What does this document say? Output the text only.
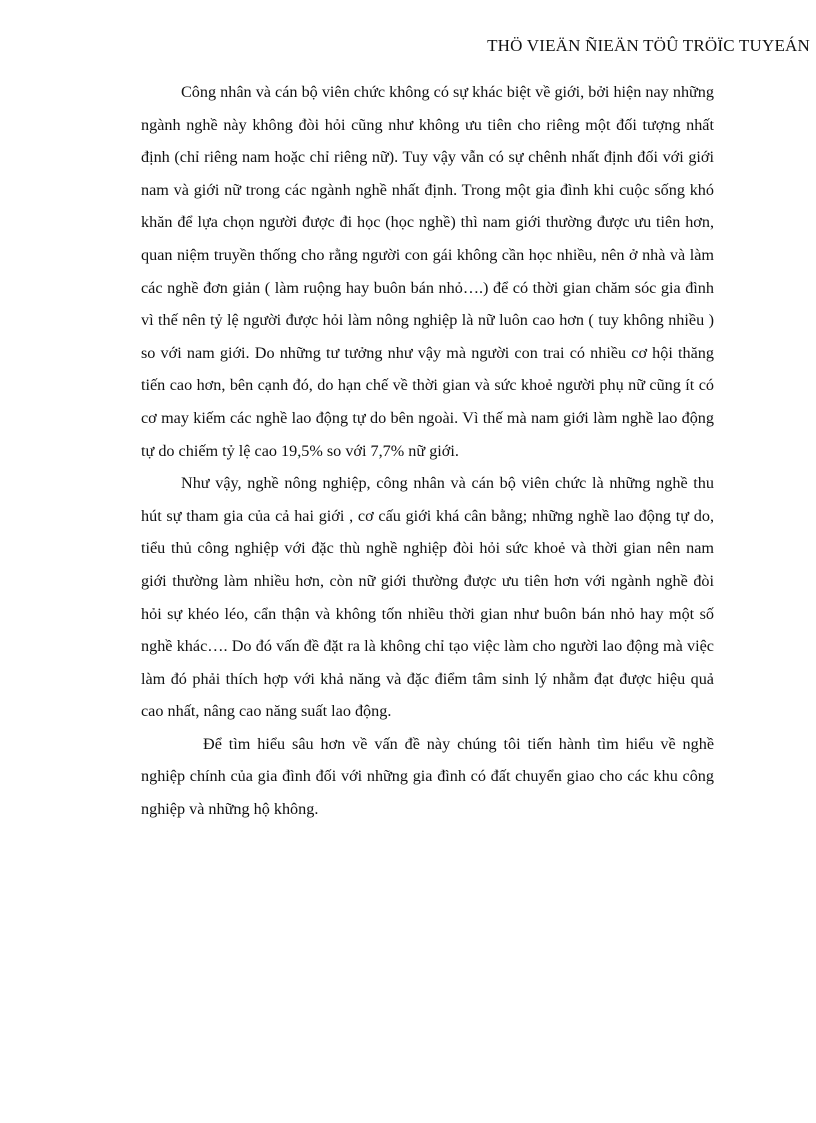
THÖ VIEÄN ÑIEÄN TÖÛ TRÖÏC TUYEÁN

Công nhân và cán bộ viên chức không có sự khác biệt về giới, bởi hiện nay những ngành nghề này không đòi hỏi cũng như không ưu tiên cho riêng một đối tượng nhất định (chỉ riêng nam hoặc chỉ riêng nữ). Tuy vậy vẫn có sự chênh nhất định đối với giới nam và giới nữ trong các ngành nghề nhất định. Trong một gia đình khi cuộc sống khó khăn để lựa chọn người được đi học (học nghề) thì nam giới thường được ưu tiên hơn, quan niệm truyền thống cho rằng người con gái không cần học nhiều, nên ở nhà và làm các nghề đơn giản ( làm ruộng hay buôn bán nhỏ….) để có thời gian chăm sóc gia đình vì thế nên tỷ lệ người được hỏi làm nông nghiệp là nữ luôn cao hơn ( tuy không nhiều ) so với nam giới. Do những tư tưởng như vậy mà người con trai có nhiều cơ hội thăng tiến cao hơn, bên cạnh đó, do hạn chế về thời gian và sức khoẻ người phụ nữ cũng ít có cơ may kiếm các nghề lao động tự do bên ngoài. Vì thế mà nam giới làm nghề lao động tự do chiếm tỷ lệ cao 19,5% so với 7,7% nữ giới.

Như vậy, nghề nông nghiệp, công nhân và cán bộ viên chức là những nghề thu hút sự tham gia của cả hai giới , cơ cấu giới khá cân bằng; những nghề lao động tự do, tiểu thủ công nghiệp với đặc thù nghề nghiệp đòi hỏi sức khoẻ và thời gian nên nam giới thường làm nhiều hơn, còn nữ giới thường được ưu tiên hơn với ngành nghề đòi hỏi sự khéo léo, cẩn thận và không tốn nhiều thời gian như buôn bán nhỏ hay một số nghề khác…. Do đó vấn đề đặt ra là không chỉ tạo việc làm cho người lao động mà việc làm đó phải thích hợp với khả năng và đặc điểm tâm sinh lý nhằm đạt được hiệu quả cao nhất, nâng cao năng suất lao động.

Để tìm hiểu sâu hơn về vấn đề này chúng tôi tiến hành tìm hiểu về nghề nghiệp chính của gia đình đối với những gia đình có đất chuyển giao cho các khu công nghiệp và những hộ không.
